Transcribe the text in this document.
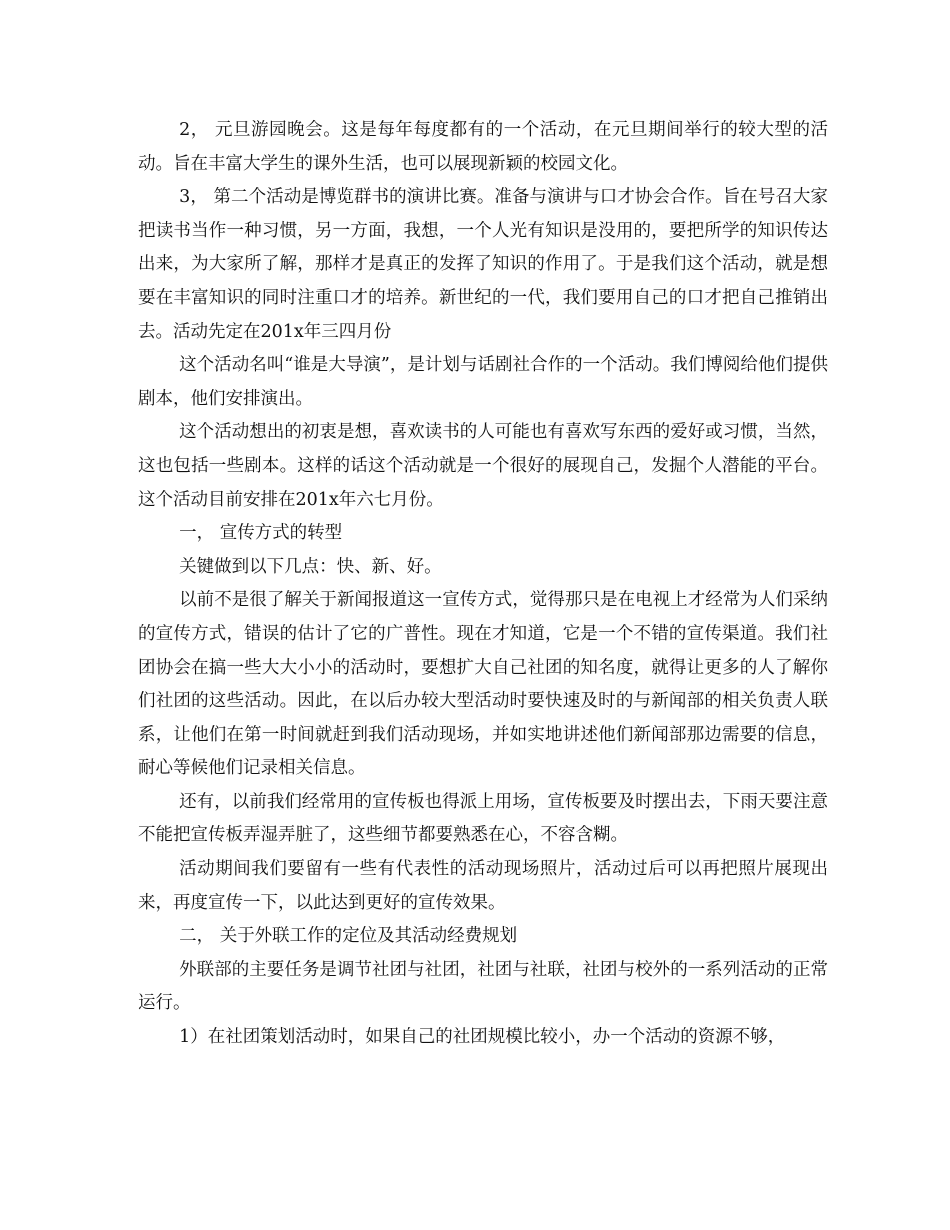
2， 元旦游园晚会。这是每年每度都有的一个活动，在元旦期间举行的较大型的活动。旨在丰富大学生的课外生活，也可以展现新颖的校园文化。

3， 第二个活动是博览群书的演讲比赛。准备与演讲与口才协会合作。旨在号召大家把读书当作一种习惯，另一方面，我想，一个人光有知识是没用的，要把所学的知识传达出来，为大家所了解，那样才是真正的发挥了知识的作用了。于是我们这个活动，就是想要在丰富知识的同时注重口才的培养。新世纪的一代，我们要用自己的口才把自己推销出去。活动先定在201x年三四月份

这个活动名叫“谁是大导演”，是计划与话剧社合作的一个活动。我们博阅给他们提供剧本，他们安排演出。

这个活动想出的初衷是想，喜欢读书的人可能也有喜欢写东西的爱好或习惯，当然，这也包括一些剧本。这样的话这个活动就是一个很好的展现自己，发掘个人潜能的平台。这个活动目前安排在201x年六七月份。

一， 宣传方式的转型

关键做到以下几点：快、新、好。

以前不是很了解关于新闻报道这一宣传方式，觉得那只是在电视上才经常为人们采纳的宣传方式，错误的估计了它的广普性。现在才知道，它是一个不错的宣传渠道。我们社团协会在搞一些大大小小的活动时，要想扩大自己社团的知名度，就得让更多的人了解你们社团的这些活动。因此，在以后办较大型活动时要快速及时的与新闻部的相关负责人联系，让他们在第一时间就赶到我们活动现场，并如实地讲述他们新闻部那边需要的信息，耐心等候他们记录相关信息。

还有，以前我们经常用的宣传板也得派上用场，宣传板要及时摆出去，下雨天要注意不能把宣传板弄湿弄脏了，这些细节都要熟悉在心，不容含糊。

活动期间我们要留有一些有代表性的活动现场照片，活动过后可以再把照片展现出来，再度宣传一下，以此达到更好的宣传效果。

二， 关于外联工作的定位及其活动经费规划

外联部的主要任务是调节社团与社团，社团与社联，社团与校外的一系列活动的正常运行。

1）在社团策划活动时，如果自己的社团规模比较小，办一个活动的资源不够，
